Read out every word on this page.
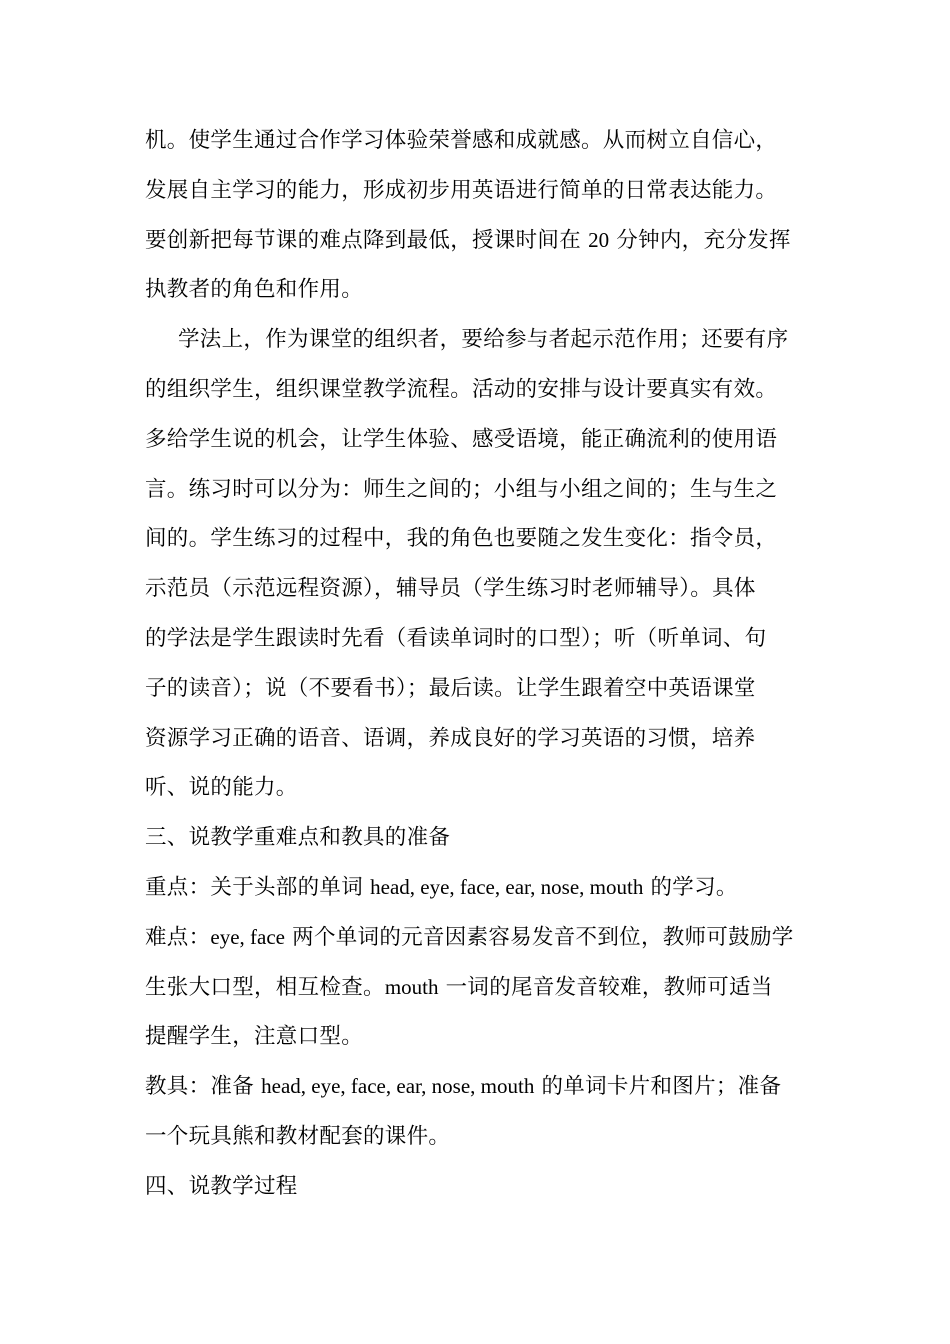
机。使学生通过合作学习体验荣誉感和成就感。从而树立自信心，
发展自主学习的能力，形成初步用英语进行简单的日常表达能力。
要创新把每节课的难点降到最低，授课时间在 20 分钟内，充分发挥
执教者的角色和作用。
学法上，作为课堂的组织者，要给参与者起示范作用；还要有序
的组织学生，组织课堂教学流程。活动的安排与设计要真实有效。
多给学生说的机会，让学生体验、感受语境，能正确流利的使用语
言。练习时可以分为：师生之间的；小组与小组之间的；生与生之
间的。学生练习的过程中，我的角色也要随之发生变化：指令员，
示范员（示范远程资源），辅导员（学生练习时老师辅导）。具体
的学法是学生跟读时先看（看读单词时的口型）；听（听单词、句
子的读音）；说（不要看书）；最后读。让学生跟着空中英语课堂
资源学习正确的语音、语调，养成良好的学习英语的习惯，培养
听、说的能力。
三、说教学重难点和教具的准备
重点：关于头部的单词 head, eye, face, ear, nose, mouth 的学习。
难点：eye, face 两个单词的元音因素容易发音不到位，教师可鼓励学
生张大口型，相互检查。mouth 一词的尾音发音较难，教师可适当
提醒学生，注意口型。
教具：准备 head, eye, face, ear, nose, mouth 的单词卡片和图片；准备
一个玩具熊和教材配套的课件。
四、说教学过程
